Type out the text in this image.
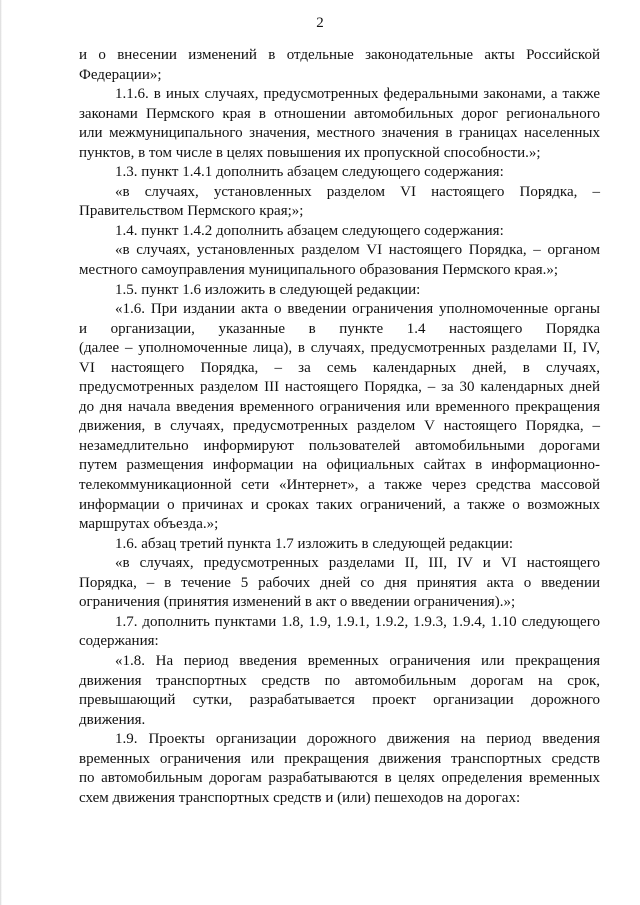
2
и о внесении изменений в отдельные законодательные акты Российской
Федерации»;
1.1.6. в иных случаях, предусмотренных федеральными законами, а также
законами Пермского края в отношении автомобильных дорог регионального
или межмуниципального значения, местного значения в границах населенных
пунктов, в том числе в целях повышения их пропускной способности.»;
1.3. пункт 1.4.1 дополнить абзацем следующего содержания:
«в случаях, установленных разделом VI настоящего Порядка, –
Правительством Пермского края;»;
1.4. пункт 1.4.2 дополнить абзацем следующего содержания:
«в случаях, установленных разделом VI настоящего Порядка, – органом
местного самоуправления муниципального образования Пермского края.»;
1.5. пункт 1.6 изложить в следующей редакции:
«1.6. При издании акта о введении ограничения уполномоченные органы
и организации, указанные в пункте 1.4 настоящего Порядка
(далее – уполномоченные лица), в случаях, предусмотренных разделами II, IV,
VI настоящего Порядка, – за семь календарных дней, в случаях,
предусмотренных разделом III настоящего Порядка, – за 30 календарных дней
до дня начала введения временного ограничения или временного прекращения
движения, в случаях, предусмотренных разделом V настоящего Порядка, –
незамедлительно информируют пользователей автомобильными дорогами
путем размещения информации на официальных сайтах в информационно-
телекоммуникационной сети «Интернет», а также через средства массовой
информации о причинах и сроках таких ограничений, а также о возможных
маршрутах объезда.»;
1.6. абзац третий пункта 1.7 изложить в следующей редакции:
«в случаях, предусмотренных разделами II, III, IV и VI настоящего
Порядка, – в течение 5 рабочих дней со дня принятия акта о введении
ограничения (принятия изменений в акт о введении ограничения).»;
1.7. дополнить пунктами 1.8, 1.9, 1.9.1, 1.9.2, 1.9.3, 1.9.4, 1.10 следующего
содержания:
«1.8. На период введения временных ограничения или прекращения
движения транспортных средств по автомобильным дорогам на срок,
превышающий сутки, разрабатывается проект организации дорожного
движения.
1.9. Проекты организации дорожного движения на период введения
временных ограничения или прекращения движения транспортных средств
по автомобильным дорогам разрабатываются в целях определения временных
схем движения транспортных средств и (или) пешеходов на дорогах:
